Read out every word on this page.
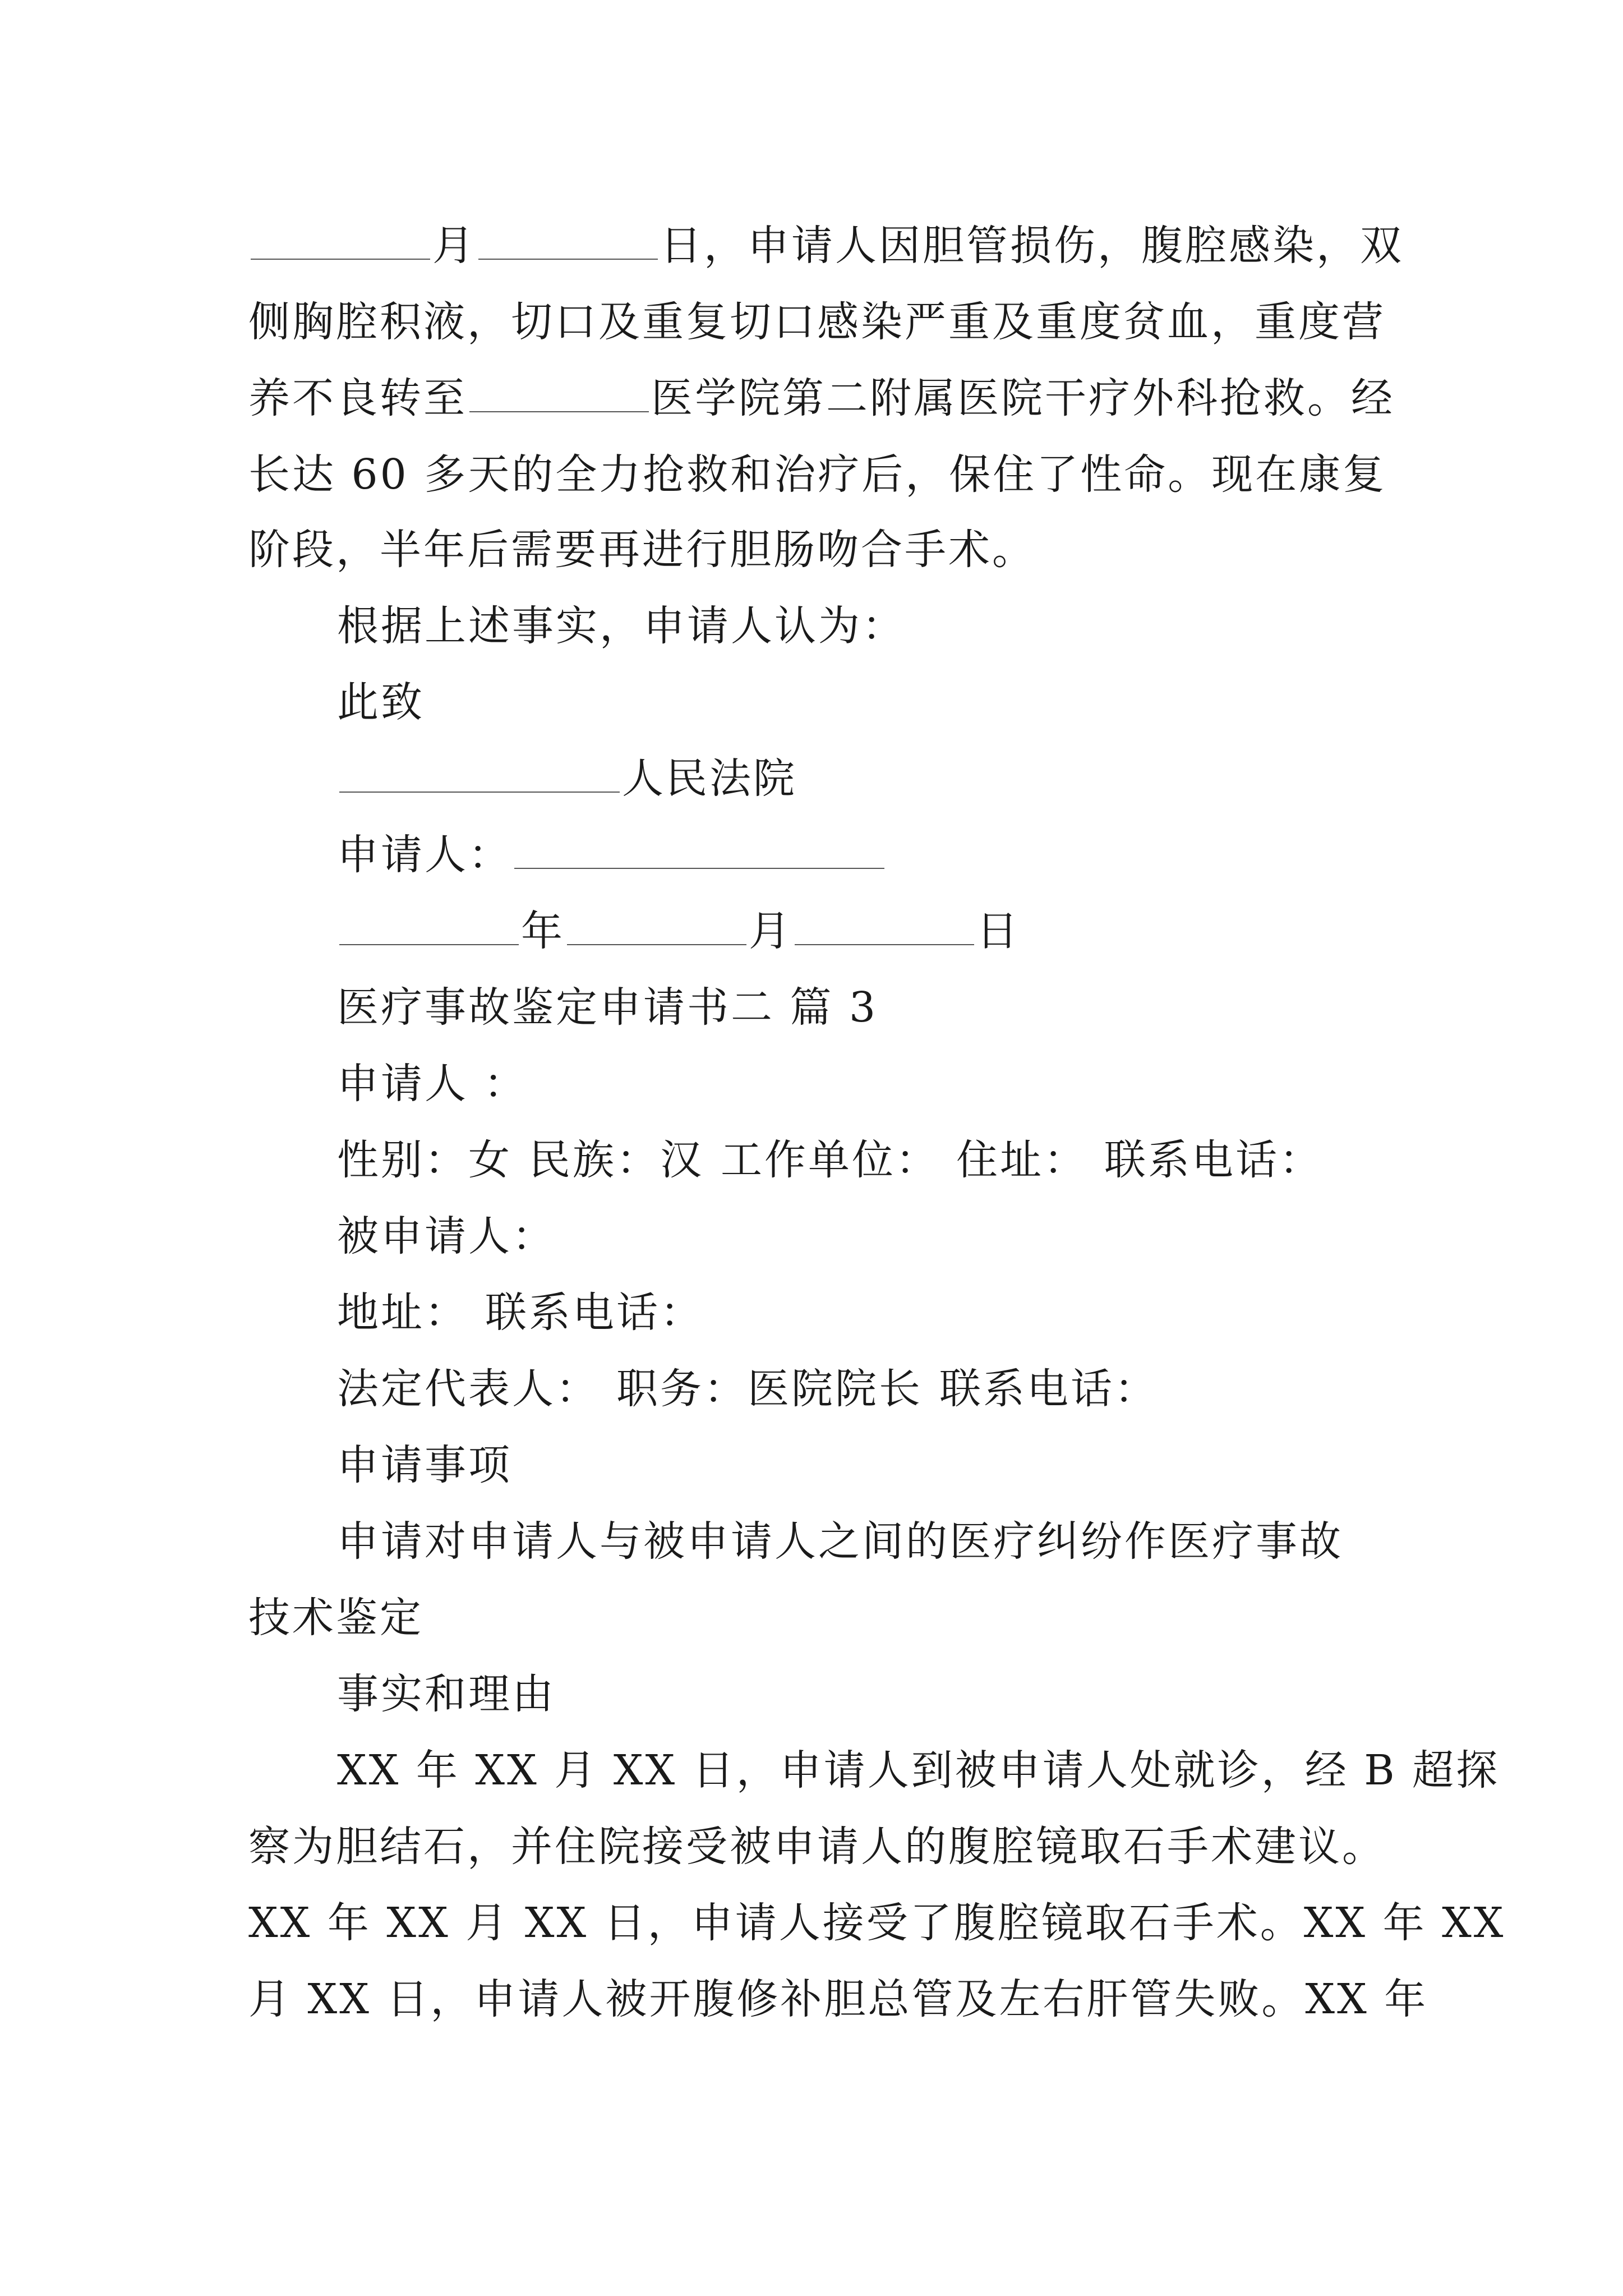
月	日，申请人因胆管损伤，腹腔感染，双
侧胸腔积液，切口及重复切口感染严重及重度贫血，重度营
养不良转至	医学院第二附属医院干疗外科抢救。经
长达 60 多天的全力抢救和治疗后，保住了性命。现在康复
阶段，半年后需要再进行胆肠吻合手术。
根据上述事实，申请人认为：
此致
人民法院
申请人：
年	月	日
医疗事故鉴定申请书二 篇 3
申请人 ：
性别：女 民族：汉 工作单位： 住址： 联系电话：
被申请人：
地址： 联系电话：
法定代表人： 职务：医院院长 联系电话：
申请事项
申请对申请人与被申请人之间的医疗纠纷作医疗事故
技术鉴定
事实和理由
XX 年 XX 月 XX 日，申请人到被申请人处就诊，经 B 超探
察为胆结石，并住院接受被申请人的腹腔镜取石手术建议。
XX 年 XX 月 XX 日，申请人接受了腹腔镜取石手术。XX 年 XX
月 XX 日，申请人被开腹修补胆总管及左右肝管失败。XX 年
